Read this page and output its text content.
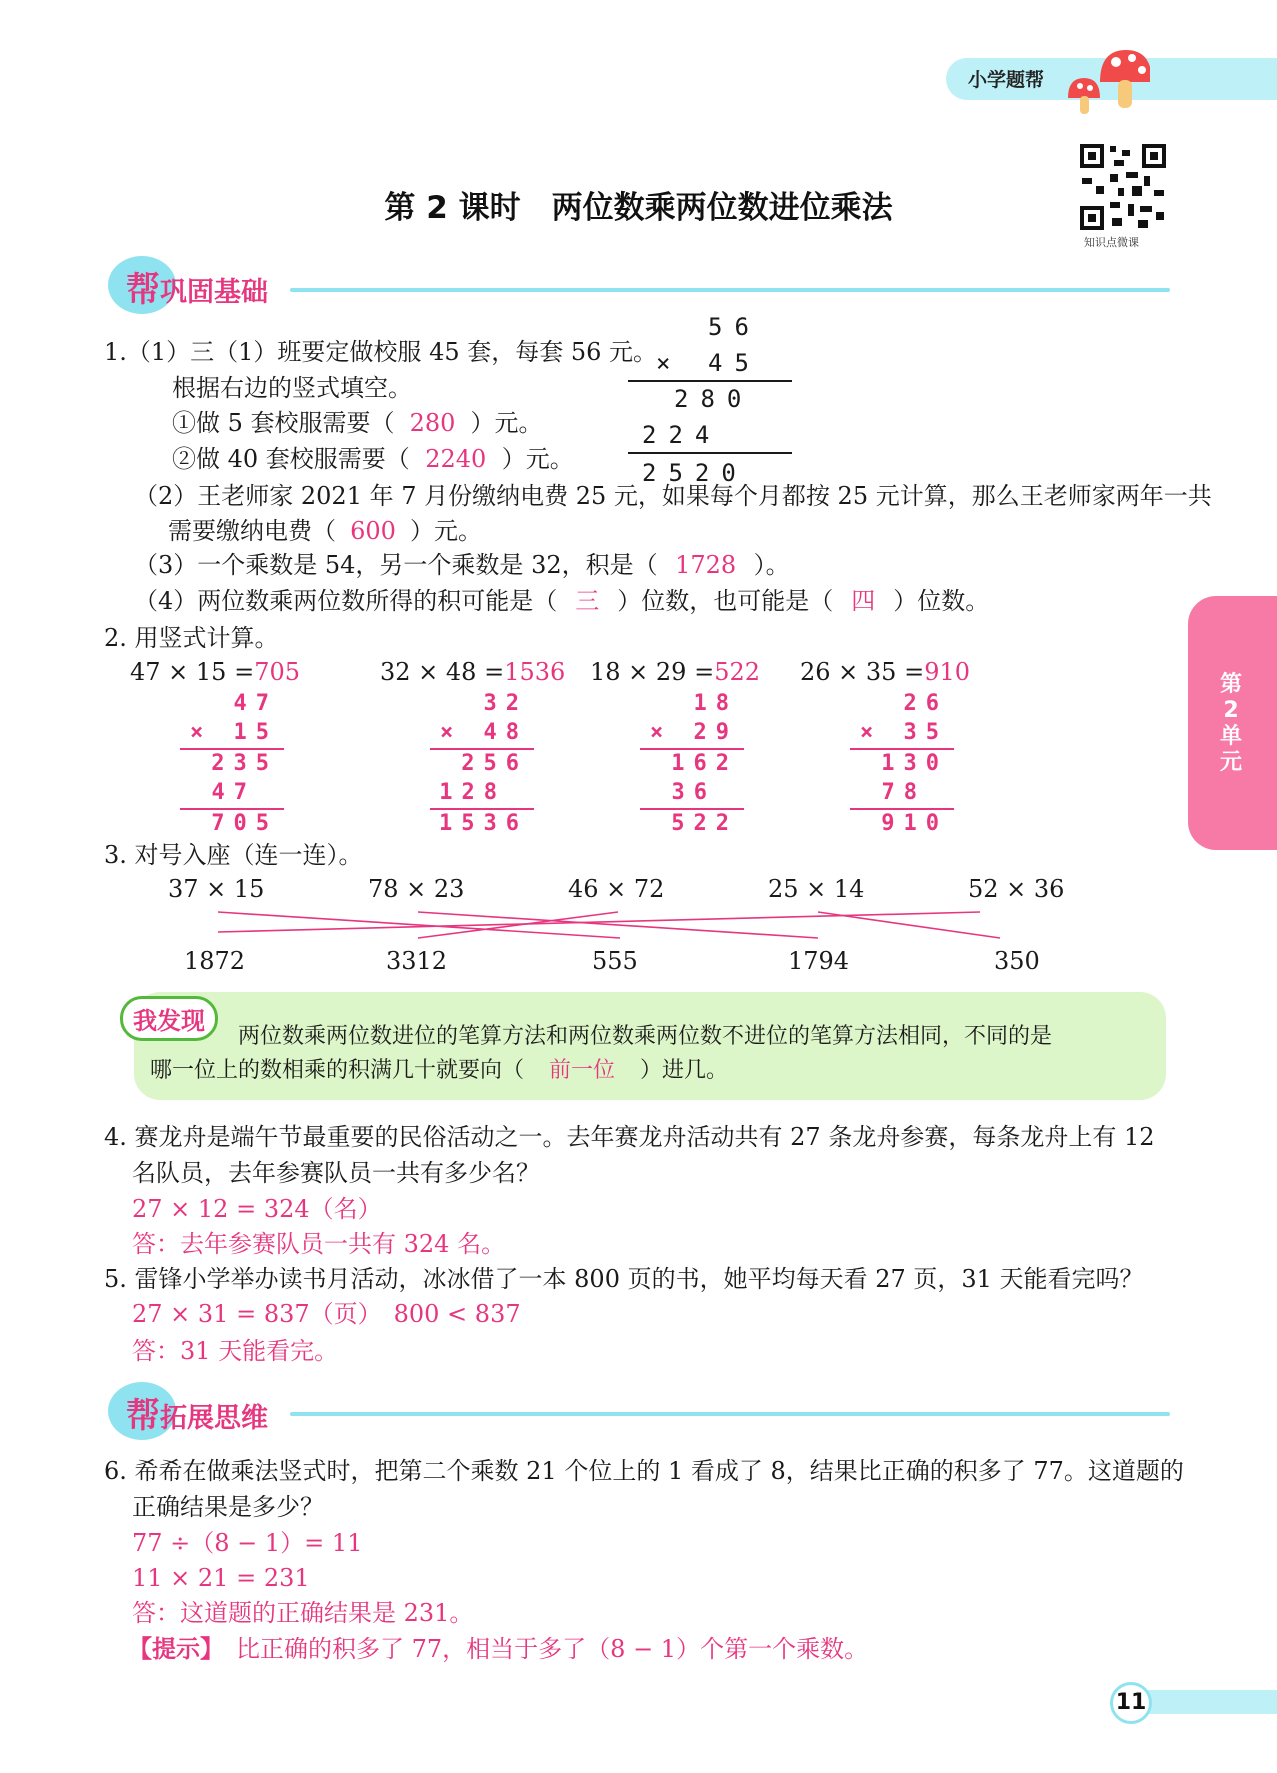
小学题帮
第 2 课时　两位数乘两位数进位乘法
知识点微课
帮巩固基础
第2单元
1.（1）三（1）班要定做校服 45 套，每套 56 元。
根据右边的竖式填空。
①做 5 套校服需要（ 280 ）元。
②做 40 套校服需要（ 2240 ）元。
56
× 45
280
224
2520
（2）王老师家 2021 年 7 月份缴纳电费 25 元，如果每个月都按 25 元计算，那么王老师家两年一共
需要缴纳电费（ 600 ）元。
（3）一个乘数是 54，另一个乘数是 32，积是（ 1728 ）。
（4）两位数乘两位数所得的积可能是（ 三 ）位数，也可能是（ 四 ）位数。
2. 用竖式计算。
47 × 15 =705
47
× 15
235
47
705
32 × 48 =1536
32
× 48
256
128
1536
18 × 29 =522
18
× 29
162
36
522
26 × 35 =910
26
× 35
130
78
910
3. 对号入座（连一连）。
37 × 15	78 × 23	46 × 72	25 × 14	52 × 36
1872	3312	555	1794	350
我发现
两位数乘两位数进位的笔算方法和两位数乘两位数不进位的笔算方法相同，不同的是
哪一位上的数相乘的积满几十就要向（ 前一位 ）进几。
4. 赛龙舟是端午节最重要的民俗活动之一。去年赛龙舟活动共有 27 条龙舟参赛，每条龙舟上有 12
名队员，去年参赛队员一共有多少名？
27 × 12 = 324（名）
答：去年参赛队员一共有 324 名。
5. 雷锋小学举办读书月活动，冰冰借了一本 800 页的书，她平均每天看 27 页，31 天能看完吗？
27 × 31 = 837（页）　800 < 837
答：31 天能看完。
帮拓展思维
6. 希希在做乘法竖式时，把第二个乘数 21 个位上的 1 看成了 8，结果比正确的积多了 77。这道题的
正确结果是多少？
77 ÷（8 − 1）= 11
11 × 21 = 231
答：这道题的正确结果是 231。
【提示】　 比正确的积多了 77，相当于多了（8 − 1）个第一个乘数。
11
